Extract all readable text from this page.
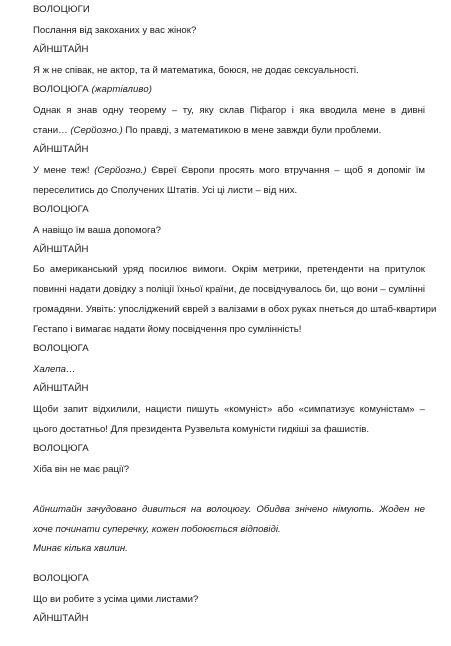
ВОЛОЦЮГИ

Послання від закоханих у вас жінок?

АЙНШТАЙН

Я ж не співак, не актор, та й математика, боюся, не додає сексуальності.

ВОЛОЦЮГА (жартівливо)

Однак я знав одну теорему – ту, яку склав Піфагор і яка вводила мене в дивні

стани… (Серйозно.) По правді, з математикою в мене завжди були проблеми.

АЙНШТАЙН

У мене теж! (Серйозно.) Євреї Європи просять мого втручання – щоб я допоміг їм

переселитись до Сполучених Штатів. Усі ці листи – від них.

ВОЛОЦЮГА

А навіщо їм ваша допомога?

АЙНШТАЙН

Бо американський уряд посилює вимоги. Окрім метрики, претенденти на притулок

повинні надати довідку з поліції їхньої країни, де посвідчувалось би, що вони – сумлінні

громадяни. Уявіть: упосліджений єврей з валізами в обох руках пнеться до штаб-квартири

Гестапо і вимагає надати йому посвідчення про сумлінність!

ВОЛОЦЮГА

Халепа…

АЙНШТАЙН

Щоби запит відхилили, нацисти пишуть «комуніст» або «симпатизує комуністам» –

цього достатньо! Для президента Рузвельта комуністи гидкіші за фашистів.

ВОЛОЦЮГА

Хіба він не має рації?

Айнштайн зачудовано дивиться на волоцюгу. Обидва знічено німують. Жоден не

хоче починати суперечку, кожен побоюється відповіді.

Минає кілька хвилин.

ВОЛОЦЮГА

Що ви робите з усіма цими листами?

АЙНШТАЙН
